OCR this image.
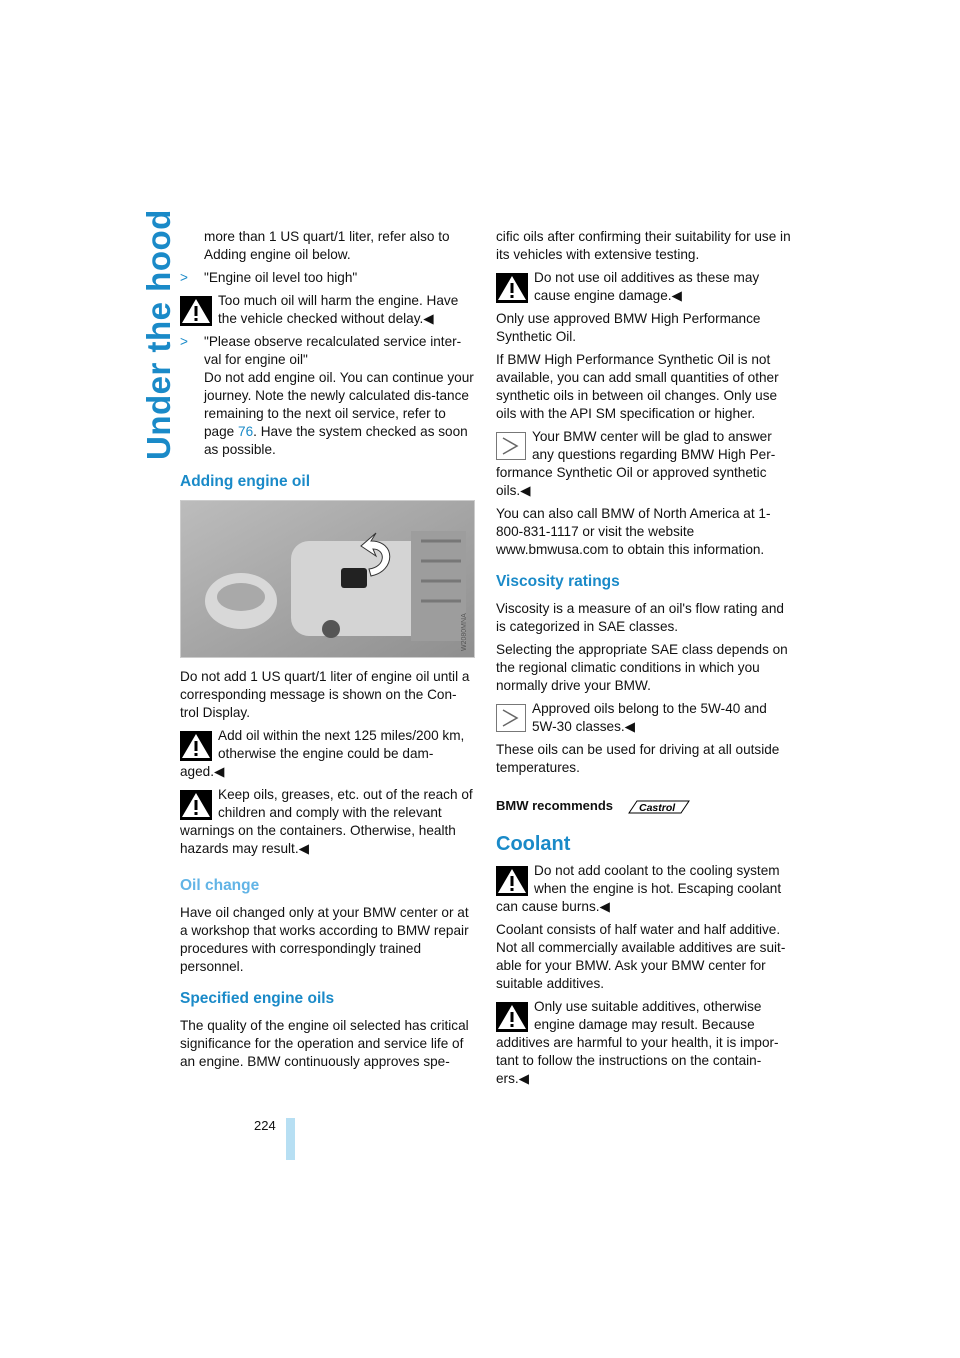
Under the hood
224

more than 1 US quart/1 liter, refer also to Adding engine oil below.

> "Engine oil level too high"
Too much oil will harm the engine. Have the vehicle checked without delay.◀
> "Please observe recalculated service inter-val for engine oil"
Do not add engine oil. You can continue your journey. Note the newly calculated dis-tance remaining to the next oil service, refer to page 76. Have the system checked as soon as possible.
Adding engine oil
W2080MNA

Do not add 1 US quart/1 liter of engine oil until a corresponding message is shown on the Con-trol Display.

Add oil within the next 125 miles/200 km, otherwise the engine could be dam-aged.◀
Keep oils, greases, etc. out of the reach of children and comply with the relevant warnings on the containers. Otherwise, health hazards may result.◀
Oil change

Have oil changed only at your BMW center or at a workshop that works according to BMW repair procedures with correspondingly trained personnel.

Specified engine oils

The quality of the engine oil selected has critical significance for the operation and service life of an engine. BMW continuously approves spe-

cific oils after confirming their suitability for use in its vehicles with extensive testing.

Do not use oil additives as these may cause engine damage.◀

Only use approved BMW High Performance Synthetic Oil.

If BMW High Performance Synthetic Oil is not available, you can add small quantities of other synthetic oils in between oil changes. Only use oils with the API SM specification or higher.

Your BMW center will be glad to answer any questions regarding BMW High Per-formance Synthetic Oil or approved synthetic oils.◀

You can also call BMW of North America at 1-800-831-1117 or visit the website www.bmwusa.com to obtain this information.

Viscosity ratings

Viscosity is a measure of an oil's flow rating and is categorized in SAE classes.

Selecting the appropriate SAE class depends on the regional climatic conditions in which you normally drive your BMW.

Approved oils belong to the 5W-40 and 5W-30 classes.◀

These oils can be used for driving at all outside temperatures.

BMW recommends Castrol
Coolant
Do not add coolant to the cooling system when the engine is hot. Escaping coolant can cause burns.◀

Coolant consists of half water and half additive. Not all commercially available additives are suit-able for your BMW. Ask your BMW center for suitable additives.

Only use suitable additives, otherwise engine damage may result. Because additives are harmful to your health, it is impor-tant to follow the instructions on the contain-ers.◀
